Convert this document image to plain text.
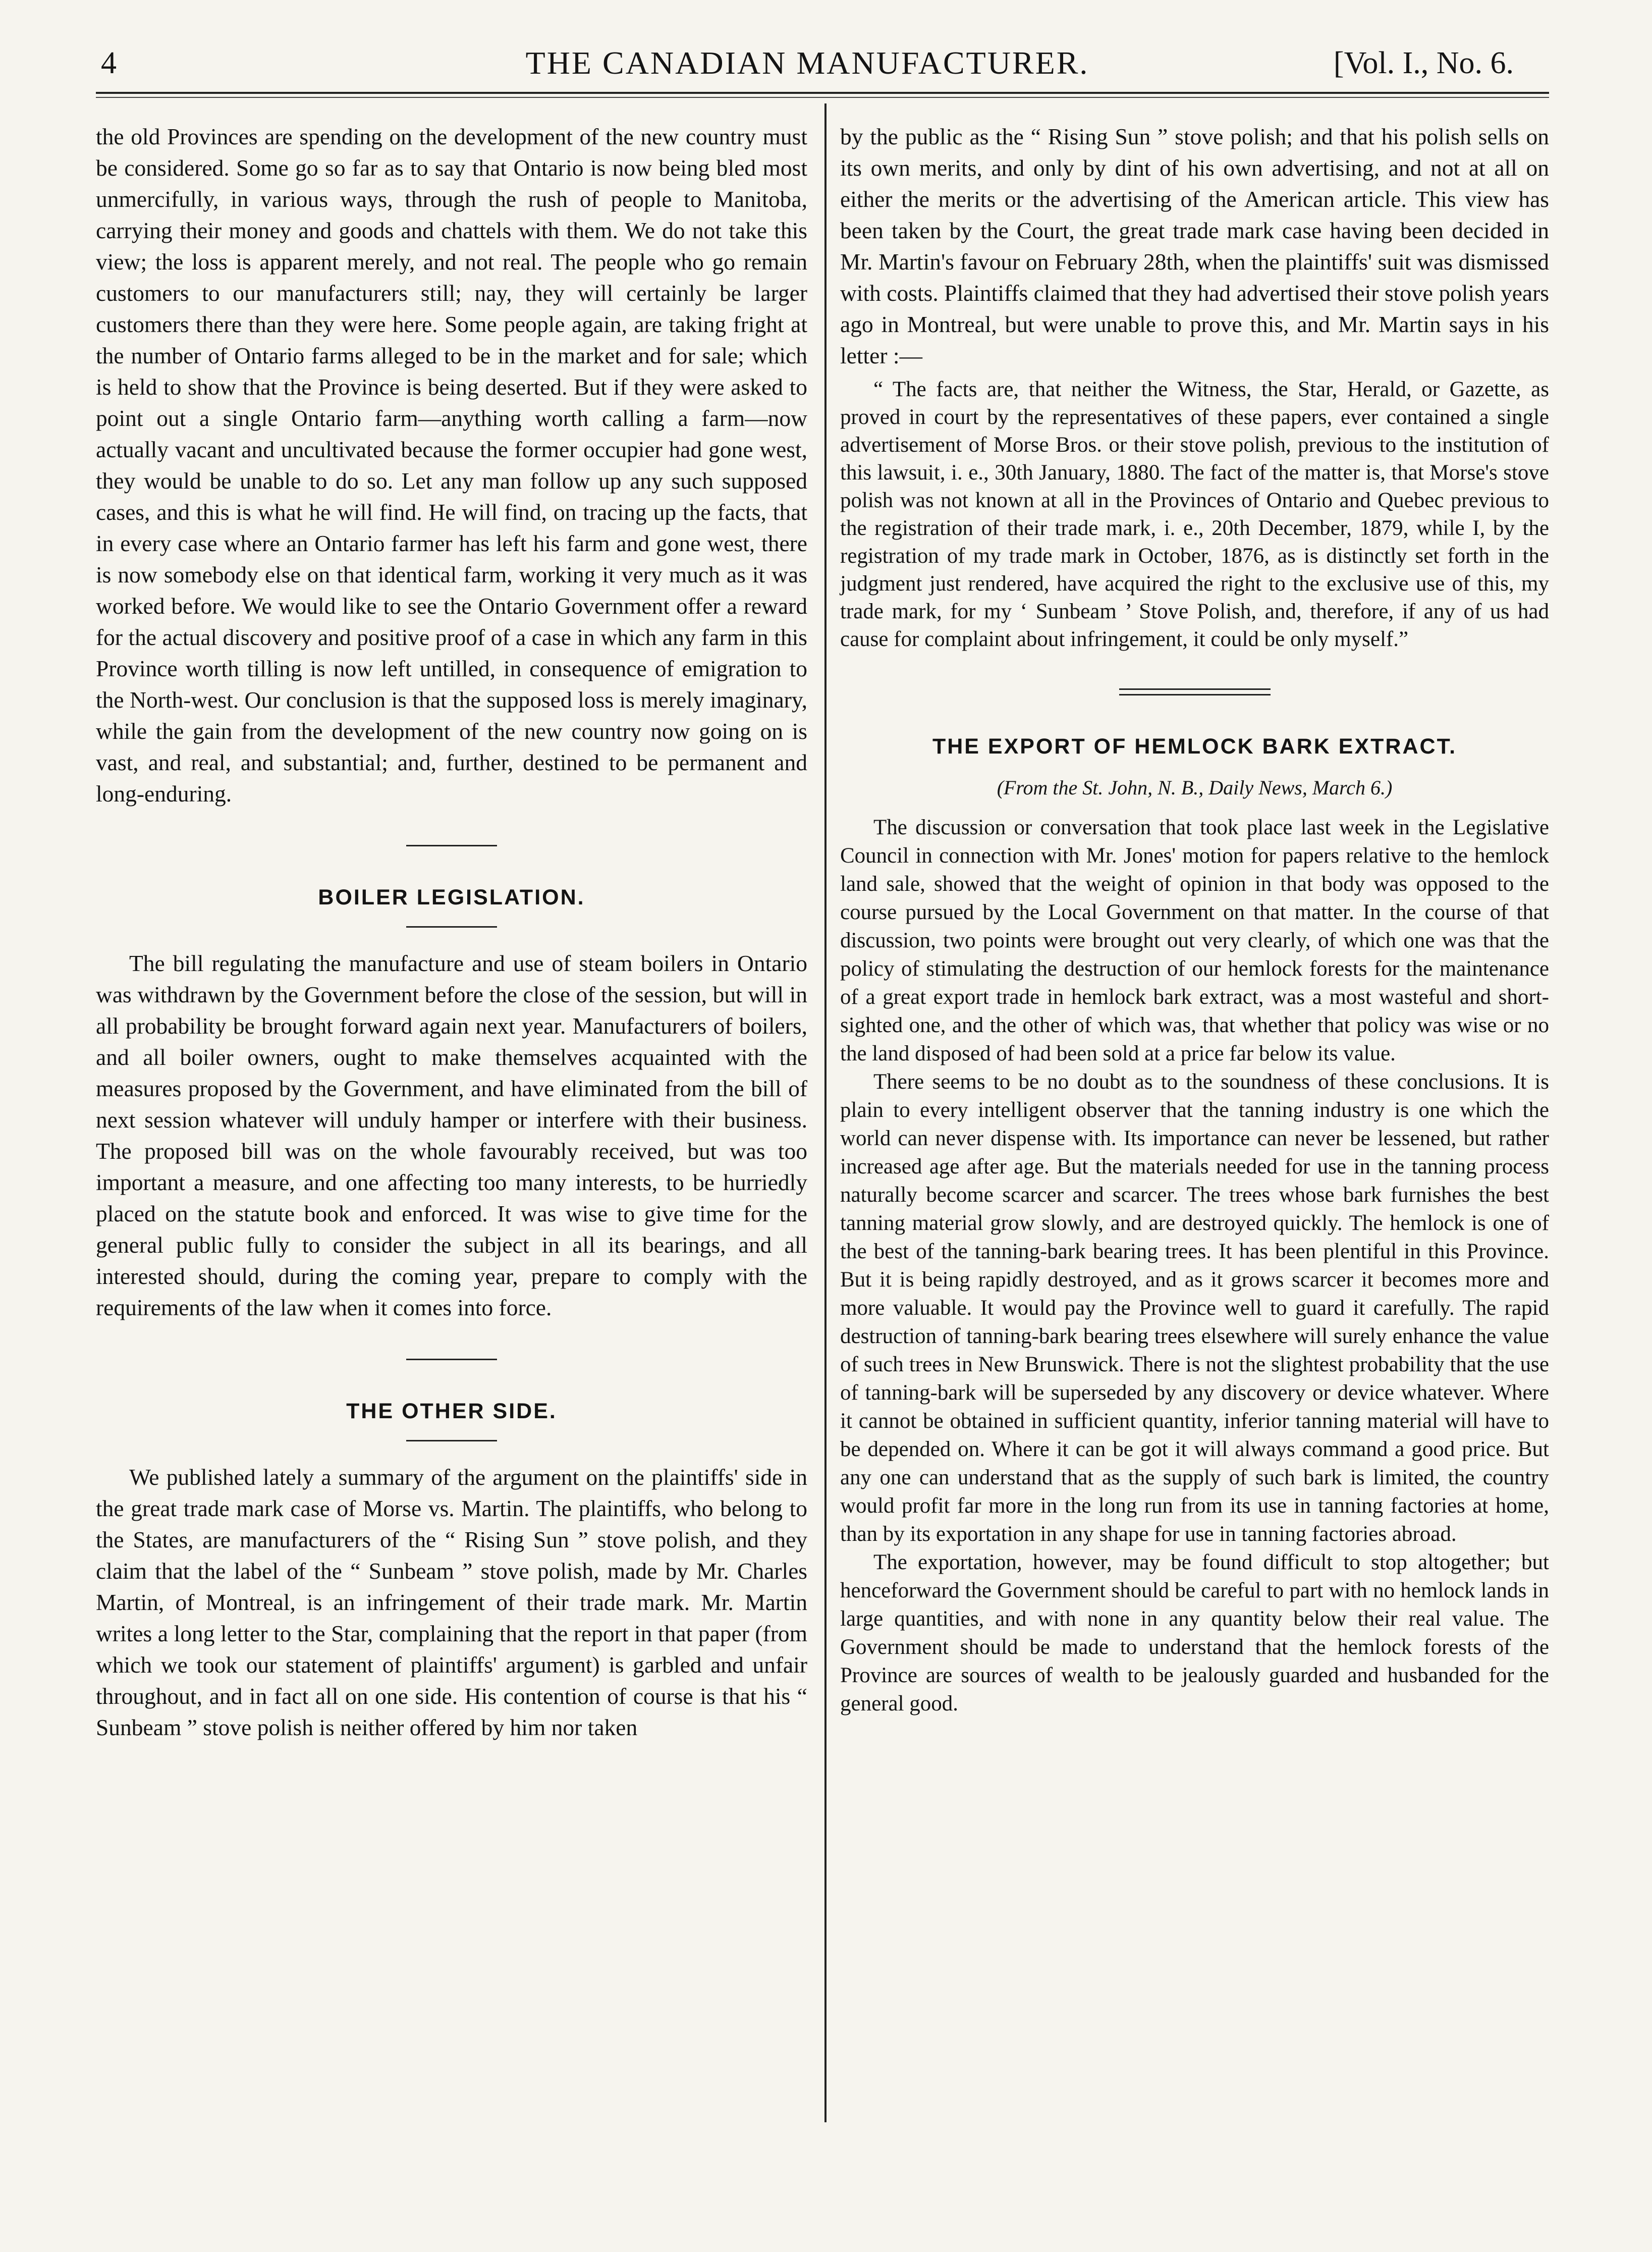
4	THE CANADIAN MANUFACTURER.	[Vol. I., No. 6.

the old Provinces are spending on the development of the new country must be considered. Some go so far as to say that Ontario is now being bled most unmercifully, in various ways, through the rush of people to Manitoba, carrying their money and goods and chattels with them. We do not take this view; the loss is apparent merely, and not real. The people who go remain customers to our manufacturers still; nay, they will certainly be larger customers there than they were here. Some people again, are taking fright at the number of Ontario farms alleged to be in the market and for sale; which is held to show that the Province is being deserted. But if they were asked to point out a single Ontario farm—anything worth calling a farm—now actually vacant and uncultivated because the former occupier had gone west, they would be unable to do so. Let any man follow up any such supposed cases, and this is what he will find. He will find, on tracing up the facts, that in every case where an Ontario farmer has left his farm and gone west, there is now somebody else on that identical farm, working it very much as it was worked before. We would like to see the Ontario Government offer a reward for the actual discovery and positive proof of a case in which any farm in this Province worth tilling is now left untilled, in consequence of emigration to the North-west. Our conclusion is that the supposed loss is merely imaginary, while the gain from the development of the new country now going on is vast, and real, and substantial; and, further, destined to be permanent and long-enduring.

BOILER LEGISLATION.

The bill regulating the manufacture and use of steam boilers in Ontario was withdrawn by the Government before the close of the session, but will in all probability be brought forward again next year. Manufacturers of boilers, and all boiler owners, ought to make themselves acquainted with the measures proposed by the Government, and have eliminated from the bill of next session whatever will unduly hamper or interfere with their business. The proposed bill was on the whole favourably received, but was too important a measure, and one affecting too many interests, to be hurriedly placed on the statute book and enforced. It was wise to give time for the general public fully to consider the subject in all its bearings, and all interested should, during the coming year, prepare to comply with the requirements of the law when it comes into force.

THE OTHER SIDE.

We published lately a summary of the argument on the plaintiffs' side in the great trade mark case of Morse vs. Martin. The plaintiffs, who belong to the States, are manufacturers of the “ Rising Sun ” stove polish, and they claim that the label of the “ Sunbeam ” stove polish, made by Mr. Charles Martin, of Montreal, is an infringement of their trade mark. Mr. Martin writes a long letter to the Star, complaining that the report in that paper (from which we took our statement of plaintiffs' argument) is garbled and unfair throughout, and in fact all on one side. His contention of course is that his “ Sunbeam ” stove polish is neither offered by him nor taken

by the public as the “ Rising Sun ” stove polish; and that his polish sells on its own merits, and only by dint of his own advertising, and not at all on either the merits or the advertising of the American article. This view has been taken by the Court, the great trade mark case having been decided in Mr. Martin's favour on February 28th, when the plaintiffs' suit was dismissed with costs. Plaintiffs claimed that they had advertised their stove polish years ago in Montreal, but were unable to prove this, and Mr. Martin says in his letter :—

“ The facts are, that neither the Witness, the Star, Herald, or Gazette, as proved in court by the representatives of these papers, ever contained a single advertisement of Morse Bros. or their stove polish, previous to the institution of this lawsuit, i. e., 30th January, 1880. The fact of the matter is, that Morse's stove polish was not known at all in the Provinces of Ontario and Quebec previous to the registration of their trade mark, i. e., 20th December, 1879, while I, by the registration of my trade mark in October, 1876, as is distinctly set forth in the judgment just rendered, have acquired the right to the exclusive use of this, my trade mark, for my ‘ Sunbeam ’ Stove Polish, and, therefore, if any of us had cause for complaint about infringement, it could be only myself.”

THE EXPORT OF HEMLOCK BARK EXTRACT.
(From the St. John, N. B., Daily News, March 6.)

The discussion or conversation that took place last week in the Legislative Council in connection with Mr. Jones' motion for papers relative to the hemlock land sale, showed that the weight of opinion in that body was opposed to the course pursued by the Local Government on that matter. In the course of that discussion, two points were brought out very clearly, of which one was that the policy of stimulating the destruction of our hemlock forests for the maintenance of a great export trade in hemlock bark extract, was a most wasteful and short-sighted one, and the other of which was, that whether that policy was wise or no the land disposed of had been sold at a price far below its value.

There seems to be no doubt as to the soundness of these conclusions. It is plain to every intelligent observer that the tanning industry is one which the world can never dispense with. Its importance can never be lessened, but rather increased age after age. But the materials needed for use in the tanning process naturally become scarcer and scarcer. The trees whose bark furnishes the best tanning material grow slowly, and are destroyed quickly. The hemlock is one of the best of the tanning-bark bearing trees. It has been plentiful in this Province. But it is being rapidly destroyed, and as it grows scarcer it becomes more and more valuable. It would pay the Province well to guard it carefully. The rapid destruction of tanning-bark bearing trees elsewhere will surely enhance the value of such trees in New Brunswick. There is not the slightest probability that the use of tanning-bark will be superseded by any discovery or device whatever. Where it cannot be obtained in sufficient quantity, inferior tanning material will have to be depended on. Where it can be got it will always command a good price. But any one can understand that as the supply of such bark is limited, the country would profit far more in the long run from its use in tanning factories at home, than by its exportation in any shape for use in tanning factories abroad.

The exportation, however, may be found difficult to stop altogether; but henceforward the Government should be careful to part with no hemlock lands in large quantities, and with none in any quantity below their real value. The Government should be made to understand that the hemlock forests of the Province are sources of wealth to be jealously guarded and husbanded for the general good.
